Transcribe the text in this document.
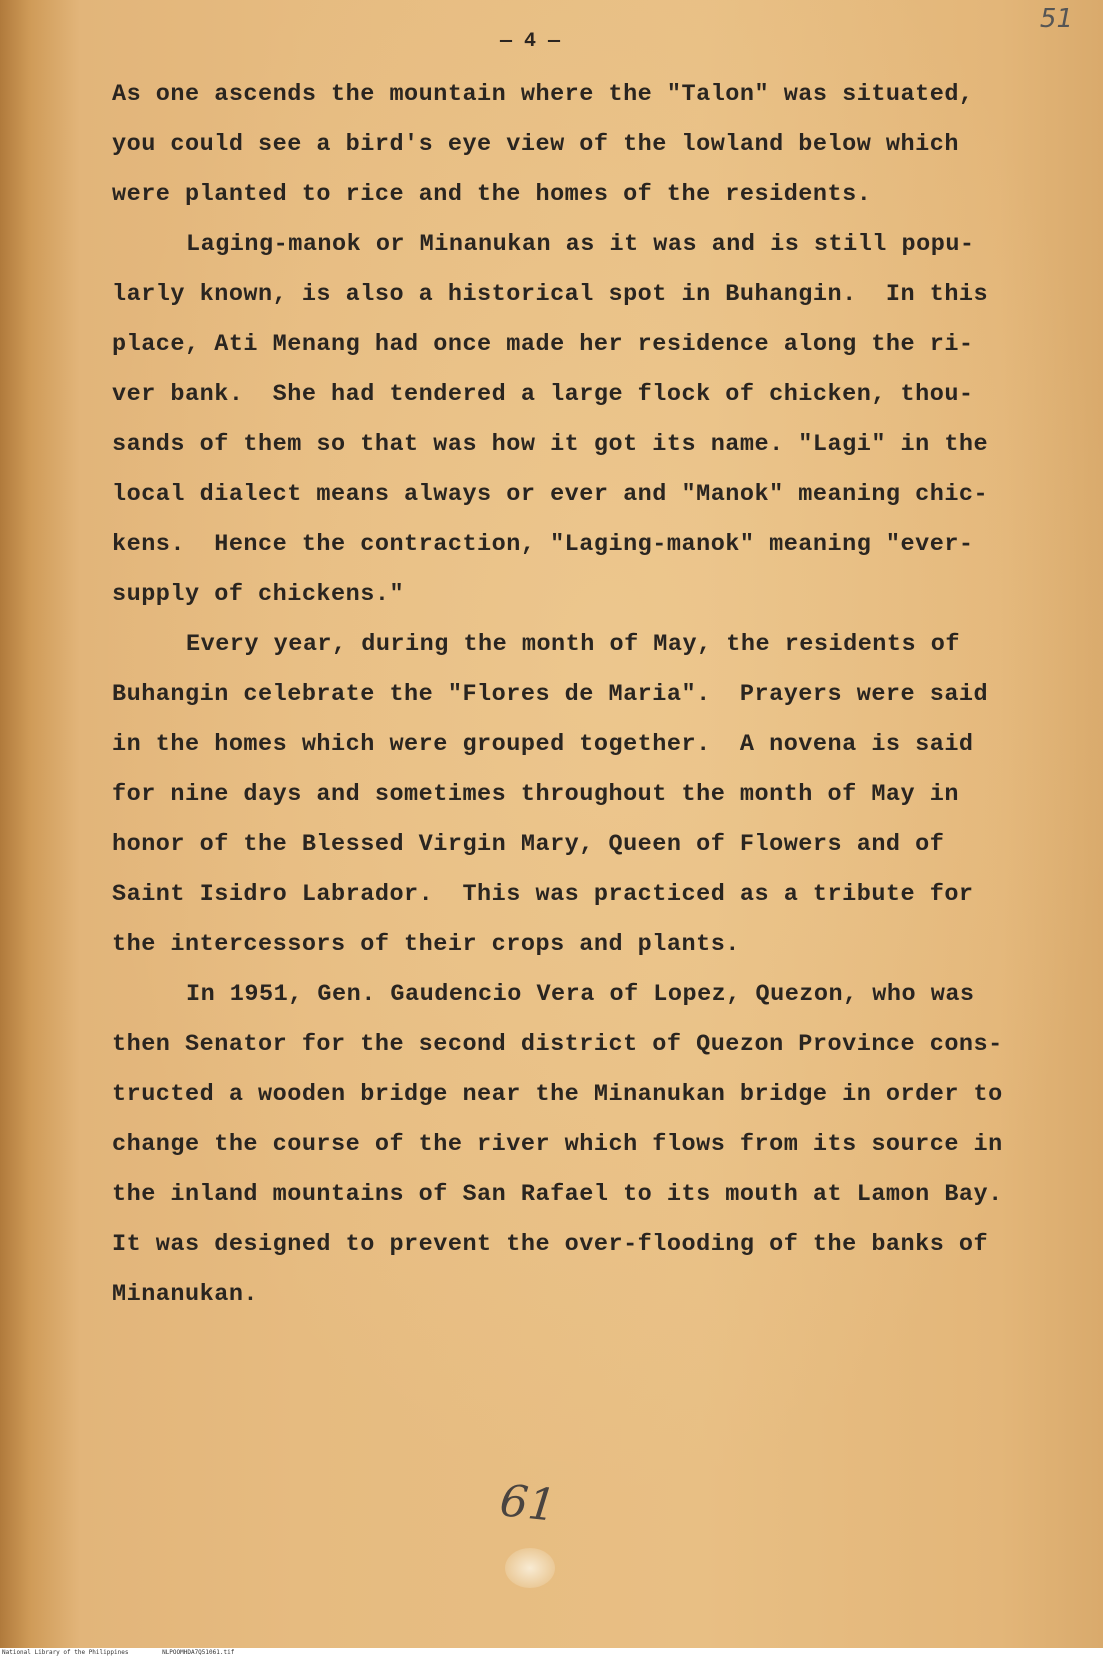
51
— 4 —
As one ascends the mountain where the "Talon" was situated,
you could see a bird's eye view of the lowland below which
were planted to rice and the homes of the residents.
Laging-manok or Minanukan as it was and is still popu-
larly known, is also a historical spot in Buhangin.  In this
place, Ati Menang had once made her residence along the ri-
ver bank.  She had tendered a large flock of chicken, thou-
sands of them so that was how it got its name. "Lagi" in the
local dialect means always or ever and "Manok" meaning chic-
kens.  Hence the contraction, "Laging-manok" meaning "ever-
supply of chickens."
Every year, during the month of May, the residents of
Buhangin celebrate the "Flores de Maria".  Prayers were said
in the homes which were grouped together.  A novena is said
for nine days and sometimes throughout the month of May in
honor of the Blessed Virgin Mary, Queen of Flowers and of
Saint Isidro Labrador.  This was practiced as a tribute for
the intercessors of their crops and plants.
In 1951, Gen. Gaudencio Vera of Lopez, Quezon, who was
then Senator for the second district of Quezon Province cons-
tructed a wooden bridge near the Minanukan bridge in order to
change the course of the river which flows from its source in
the inland mountains of San Rafael to its mouth at Lamon Bay.
It was designed to prevent the over-flooding of the banks of
Minanukan.
61
National Library of the Philippines	NLPOOMHDA7Q51061.tif
